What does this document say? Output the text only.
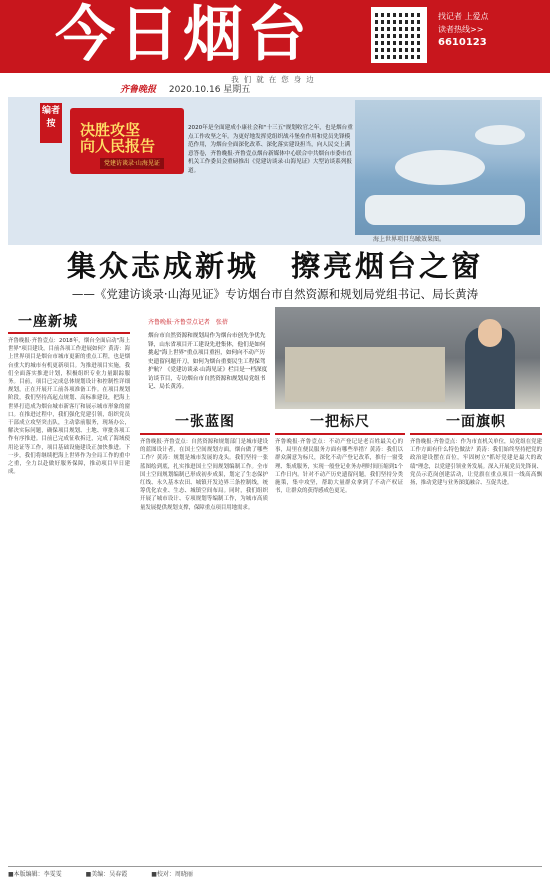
今日烟台	找记者 上爱点
读者热线>>
6610123
我们就在您身边
齐鲁晚报 2020.10.16 星期五
编者按	决胜攻坚
向人民报告
党建访谈录·山海见证
2020年是全面建成小康社会和"十三五"规划收官之年，也是烟台重点工作攻坚之年。为更好地发挥党组织战斗堡垒作用和党员先锋模范作用，为烟台全面深化改革、深化落实建设担当，向人民交上满意答卷，齐鲁晚报·齐鲁壹点烟台新媒体中心联合中共烟台市委市直机关工作委员会重磅推出《党建访谈录·山海见证》大型访谈系列报道。
海上世界项目鸟瞰效果图。
集众志成新城　擦亮烟台之窗
——《党建访谈录·山海见证》专访烟台市自然资源和规划局党组书记、局长黄涛
一座新城
齐鲁晚报·齐鲁壹点：2018年，烟台全面启动"海上世界"项目建设，目前各项工作进展如何？黄涛：海上世界项目是烟台市城市更新的重点工程，也是烟台重大的城市有机更新项目。为推进项目实施，我们全面落实推进计划，积极组织专业力量跟踪服务。目前，项目已完成总体规划设计和控制性详细规划，正在开展开工前各项准备工作。在项目规划阶段，我们坚持高起点规划、高标准建设，把海上世界打造成为烟台城市新客厅和展示城市形象的窗口。在推进过程中，我们强化党建引领，组织党员干部成立攻坚突击队，主动靠前服务，现场办公，解决实际问题，确保项目规划、土地、审批各项工作有序推进。目前已完成征收拆迁，完成了海域使用论证等工作，项目基础设施建设正加快推进。下一步，我们将继续把海上世界作为全局工作的重中之重，全力以赴做好服务保障，推动项目早日建成。
齐鲁晚报·齐鲁壹点记者　张蓓
烟台市自然资源和规划局作为烟台市创先争优先锋，山东省项目开工建设先进集体，他们是如何挑起"海上世界"重点项目重担，如何向不动产历史遗留问题开刀，如何为烟台重要民生工程保驾护航？《党建访谈录·山海见证》栏目是一档深度访谈节目，专访烟台市自然资源和规划局党组书记、局长黄涛。
一张蓝图	一把标尺	一面旗帜
齐鲁晚报·齐鲁壹点：自然资源和规划部门是城市建设的蓝图设计者，在国土空间规划方面，烟台做了哪些工作？黄涛：规划是城市发展的龙头。我们坚持一张蓝图绘到底，扎实推进国土空间规划编制工作。全市国土空间规划编制已形成初步成果，划定了生态保护红线、永久基本农田、城镇开发边界三条控制线，统筹优化农业、生态、城镇空间布局。同时，我们组织开展了城市设计、专项规划等编制工作，为城市高质量发展提供规划支撑，保障重点项目用地需求。
齐鲁晚报·齐鲁壹点：不动产登记是老百姓最关心的事，局里在便民服务方面有哪些举措？黄涛：我们以群众满意为标尺，深化不动产登记改革，推行一窗受理、集成服务，实现一般登记业务办理时间压缩到1个工作日内。针对不动产历史遗留问题，我们坚持分类施策，集中攻坚，帮助大量群众拿到了不动产权证书，让群众的获得感成色更足。
齐鲁晚报·齐鲁壹点：作为市直机关单位，局党组在党建工作方面有什么特色做法？黄涛：我们始终坚持把党的政治建设摆在首位，牢固树立"抓好党建是最大的政绩"理念，以党建引领业务发展。深入开展党员先锋岗、党员示范岗创建活动，让党旗在重点项目一线高高飘扬，推动党建与业务深度融合、互促共进。
■本版编辑：李雯雯	■美编：吴春霞	■校对：周晓丽
